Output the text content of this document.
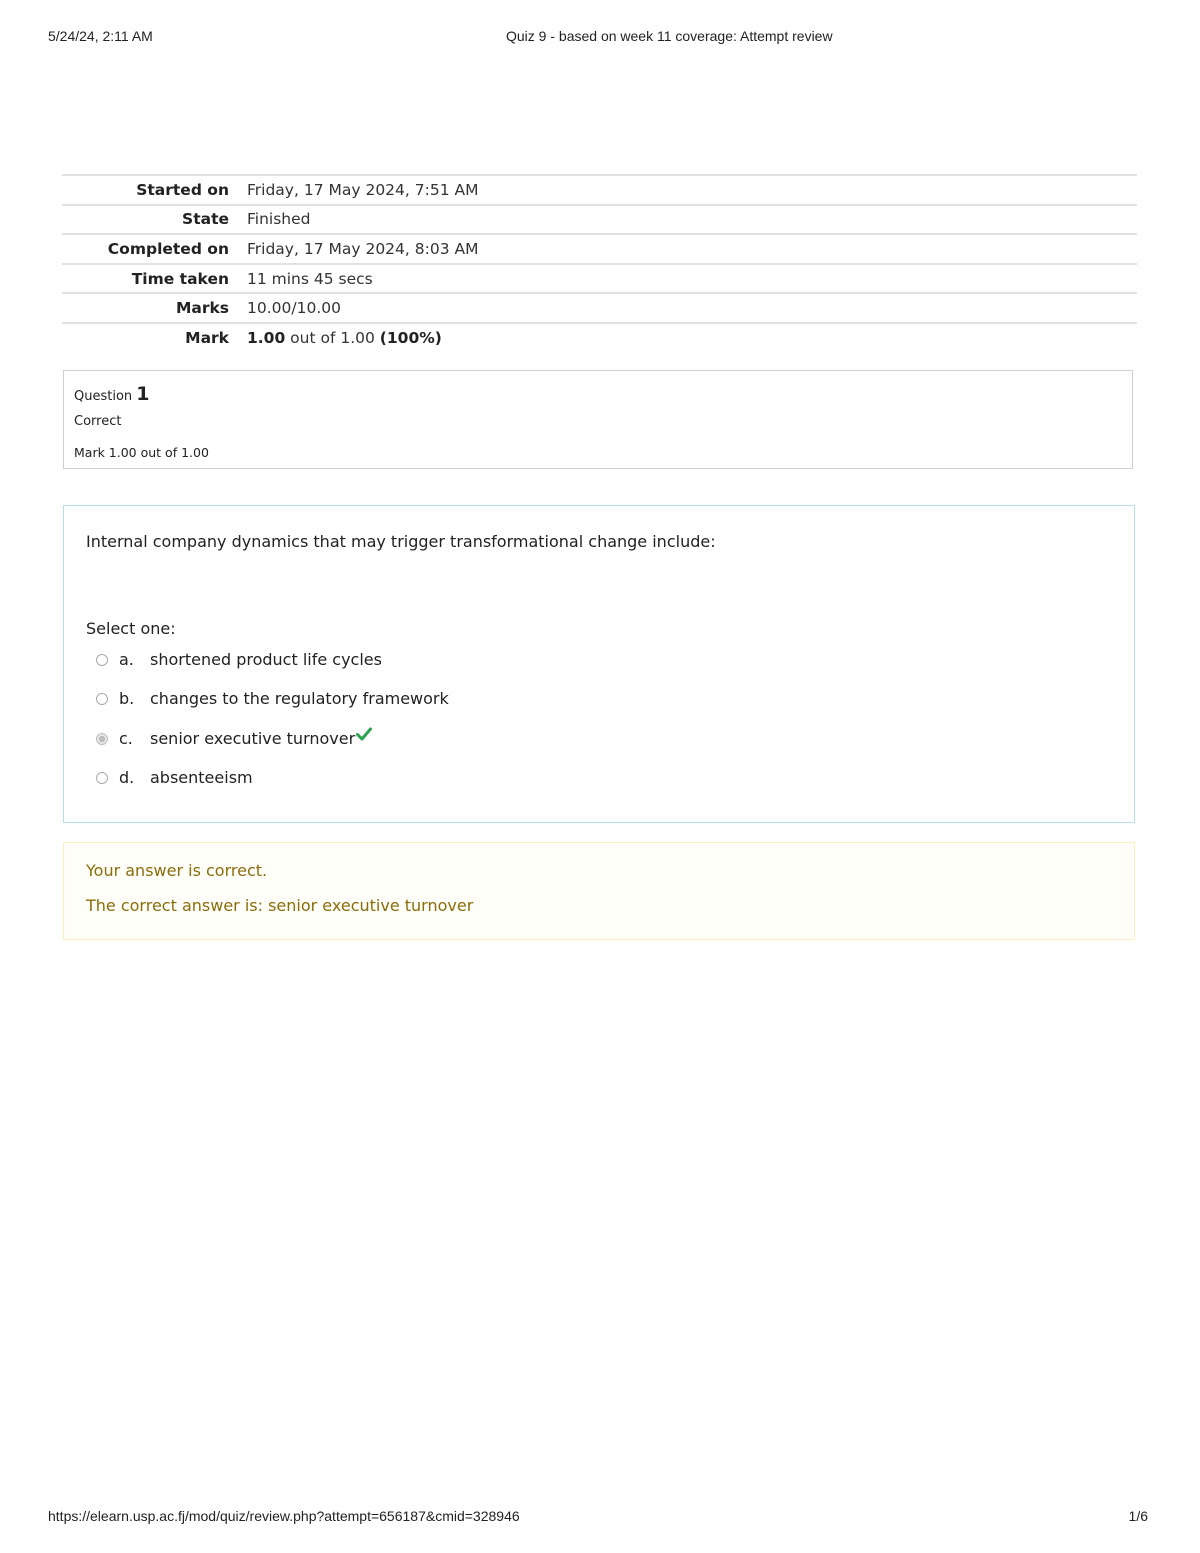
5/24/24, 2:11 AM	Quiz 9 - based on week 11 coverage: Attempt review
Started on	Friday, 17 May 2024, 7:51 AM
State	Finished
Completed on	Friday, 17 May 2024, 8:03 AM
Time taken	11 mins 45 secs
Marks	10.00/10.00
Mark	1.00 out of 1.00 (100%)
Question 1
Correct
Mark 1.00 out of 1.00
Internal company dynamics that may trigger transformational change include:
Select one:
a. shortened product life cycles
b. changes to the regulatory framework
c. senior executive turnover
d. absenteeism
Your answer is correct.
The correct answer is: senior executive turnover
https://elearn.usp.ac.fj/mod/quiz/review.php?attempt=656187&cmid=328946	1/6
